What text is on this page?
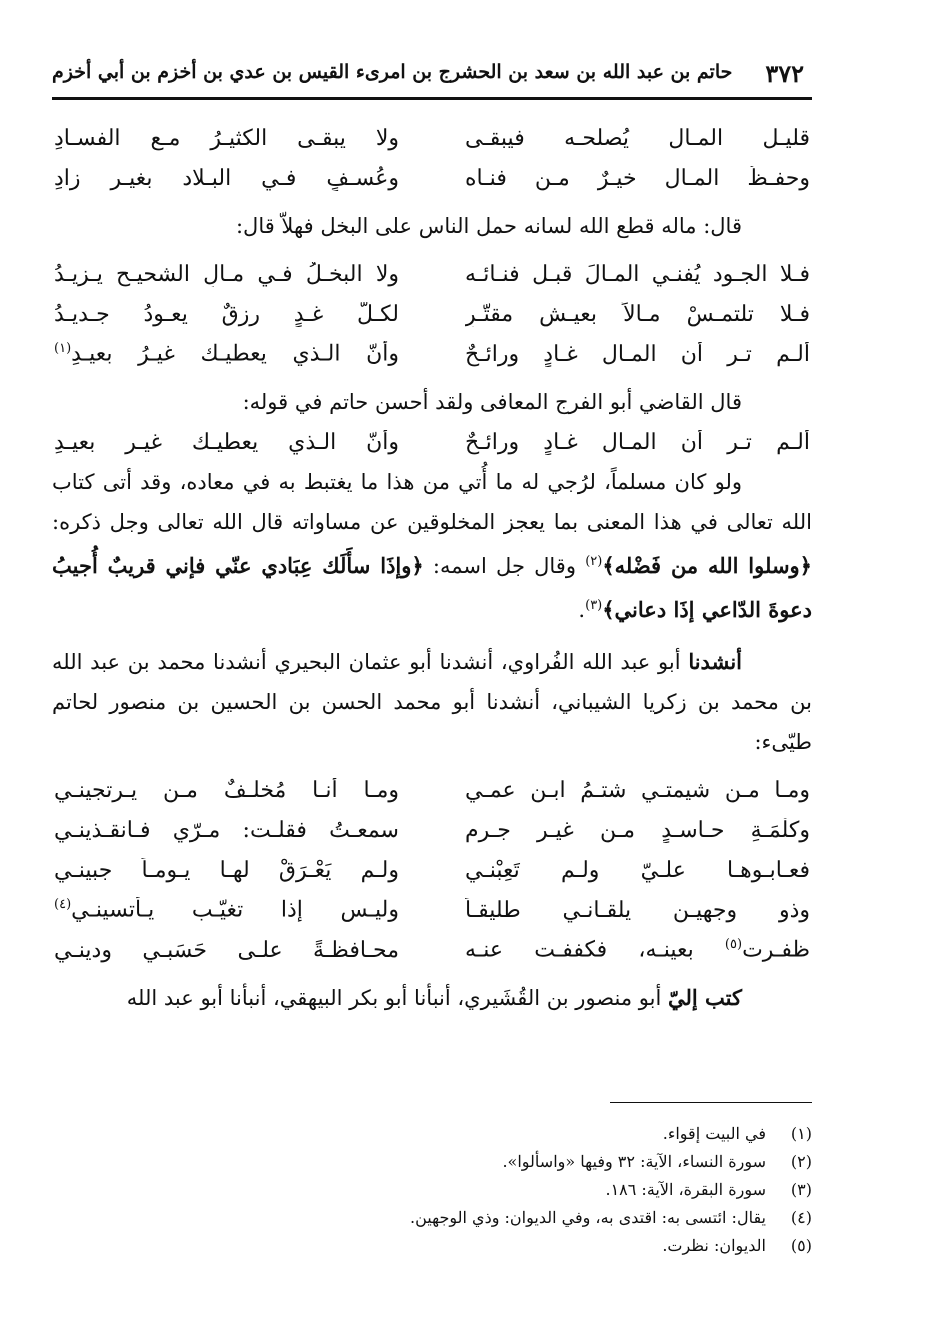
٣٧٢
حاتم بن عبد الله بن سعد بن الحشرج بن امرىء القيس بن عدي بن أخزم بن أبي أخزم
قليـل المـال يُصلحـه فيبقـى
ولا يبقـى الكثيـرُ مـع الفسـادِ
وحفـظُ المـال خيـرٌ مـن فنـاه
وعُسـفٍ فـي البـلاد بغيـر زادِ

قال: ماله قطع الله لسانه حمل الناس على البخل فهلاّ قال:

فـلا الجـود يُفنـي المـالَ قبـل فنـائـه
ولا البخـلُ فـي مـالِ الشحيـح يـزيـدُ
فـلا تلتمـسْ مـالاً بعيـشٍ مقتّـرٍ
لكـلّ غـدٍ رزقٌ يعـودُ جـديـدُ
ألـم تـر أن المـال غـادٍ ورائـحٌ
وأنّ الـذي يعطيـك غيـرُ بعيـدِ$^{(١)}$

قال القاضي أبو الفرج المعافى ولقد أحسن حاتم في قوله:

ألـم تـر أن المـال غـادٍ ورائـحٌ
وأنّ الـذي يعطيـك غيـر بعيـدِ

ولو كان مسلماً، لرُجي له ما أُتي من هذا ما يغتبط به في معاده، وقد أتى كتاب الله تعالى في هذا المعنى بما يعجز المخلوقين عن مساواته قال الله تعالى وجل ذكره: ﴿وسلوا الله من فَضْله﴾$^{(٢)}$ وقال جل اسمه: ﴿وإذَا سأَلَك عِبَادي عنّي فإني قريبٌ أُجيبُ دعوةَ الدّاعي إذَا دعاني﴾$^{(٣)}$.

أنشدنا أبو عبد الله الفُراوي، أنشدنا أبو عثمان البحيري أنشدنا محمد بن عبد الله بن محمد بن زكريا الشيباني، أنشدنا أبو محمد الحسن بن الحسين بن منصور لحاتم طيّىء:

ومـا مـن شيمتـي شتـمُ ابـنِ عمـي
ومـا أنـا مُخلـفٌ مـن يـرتجينـي
وكلْمَـةِ حـاسـدٍ مـن غيـر جـرم
سمعـتُ فقلـت: مـرّي فـانقـذينـي
فعـابـوهـا علـيّ ولـم تَعِبْنـي
ولـم يَعْـرَقْ لهـا يـومـاً جبينـي
وذو وجهيـن يلقـانـي طليقـاً
وليـس إذا تغيّـب يـأتسينـي$^{(٤)}$
ظفـرت$^{(٥)}$ بعينـه، فكففـت عنـه
محـافظـةً علـى حَسَبـي ودينـي

كتب إليّ أبو منصور بن القُشَيري، أنبأنا أبو بكر البيهقي، أنبأنا أبو عبد الله

(١)في البيت إقواء.
(٢)سورة النساء، الآية: ٣٢ وفيها «واسألوا».
(٣)سورة البقرة، الآية: ١٨٦.
(٤)يقال: ائتسى به: اقتدى به، وفي الديوان: وذي الوجهين.
(٥)الديوان: نظرت.
